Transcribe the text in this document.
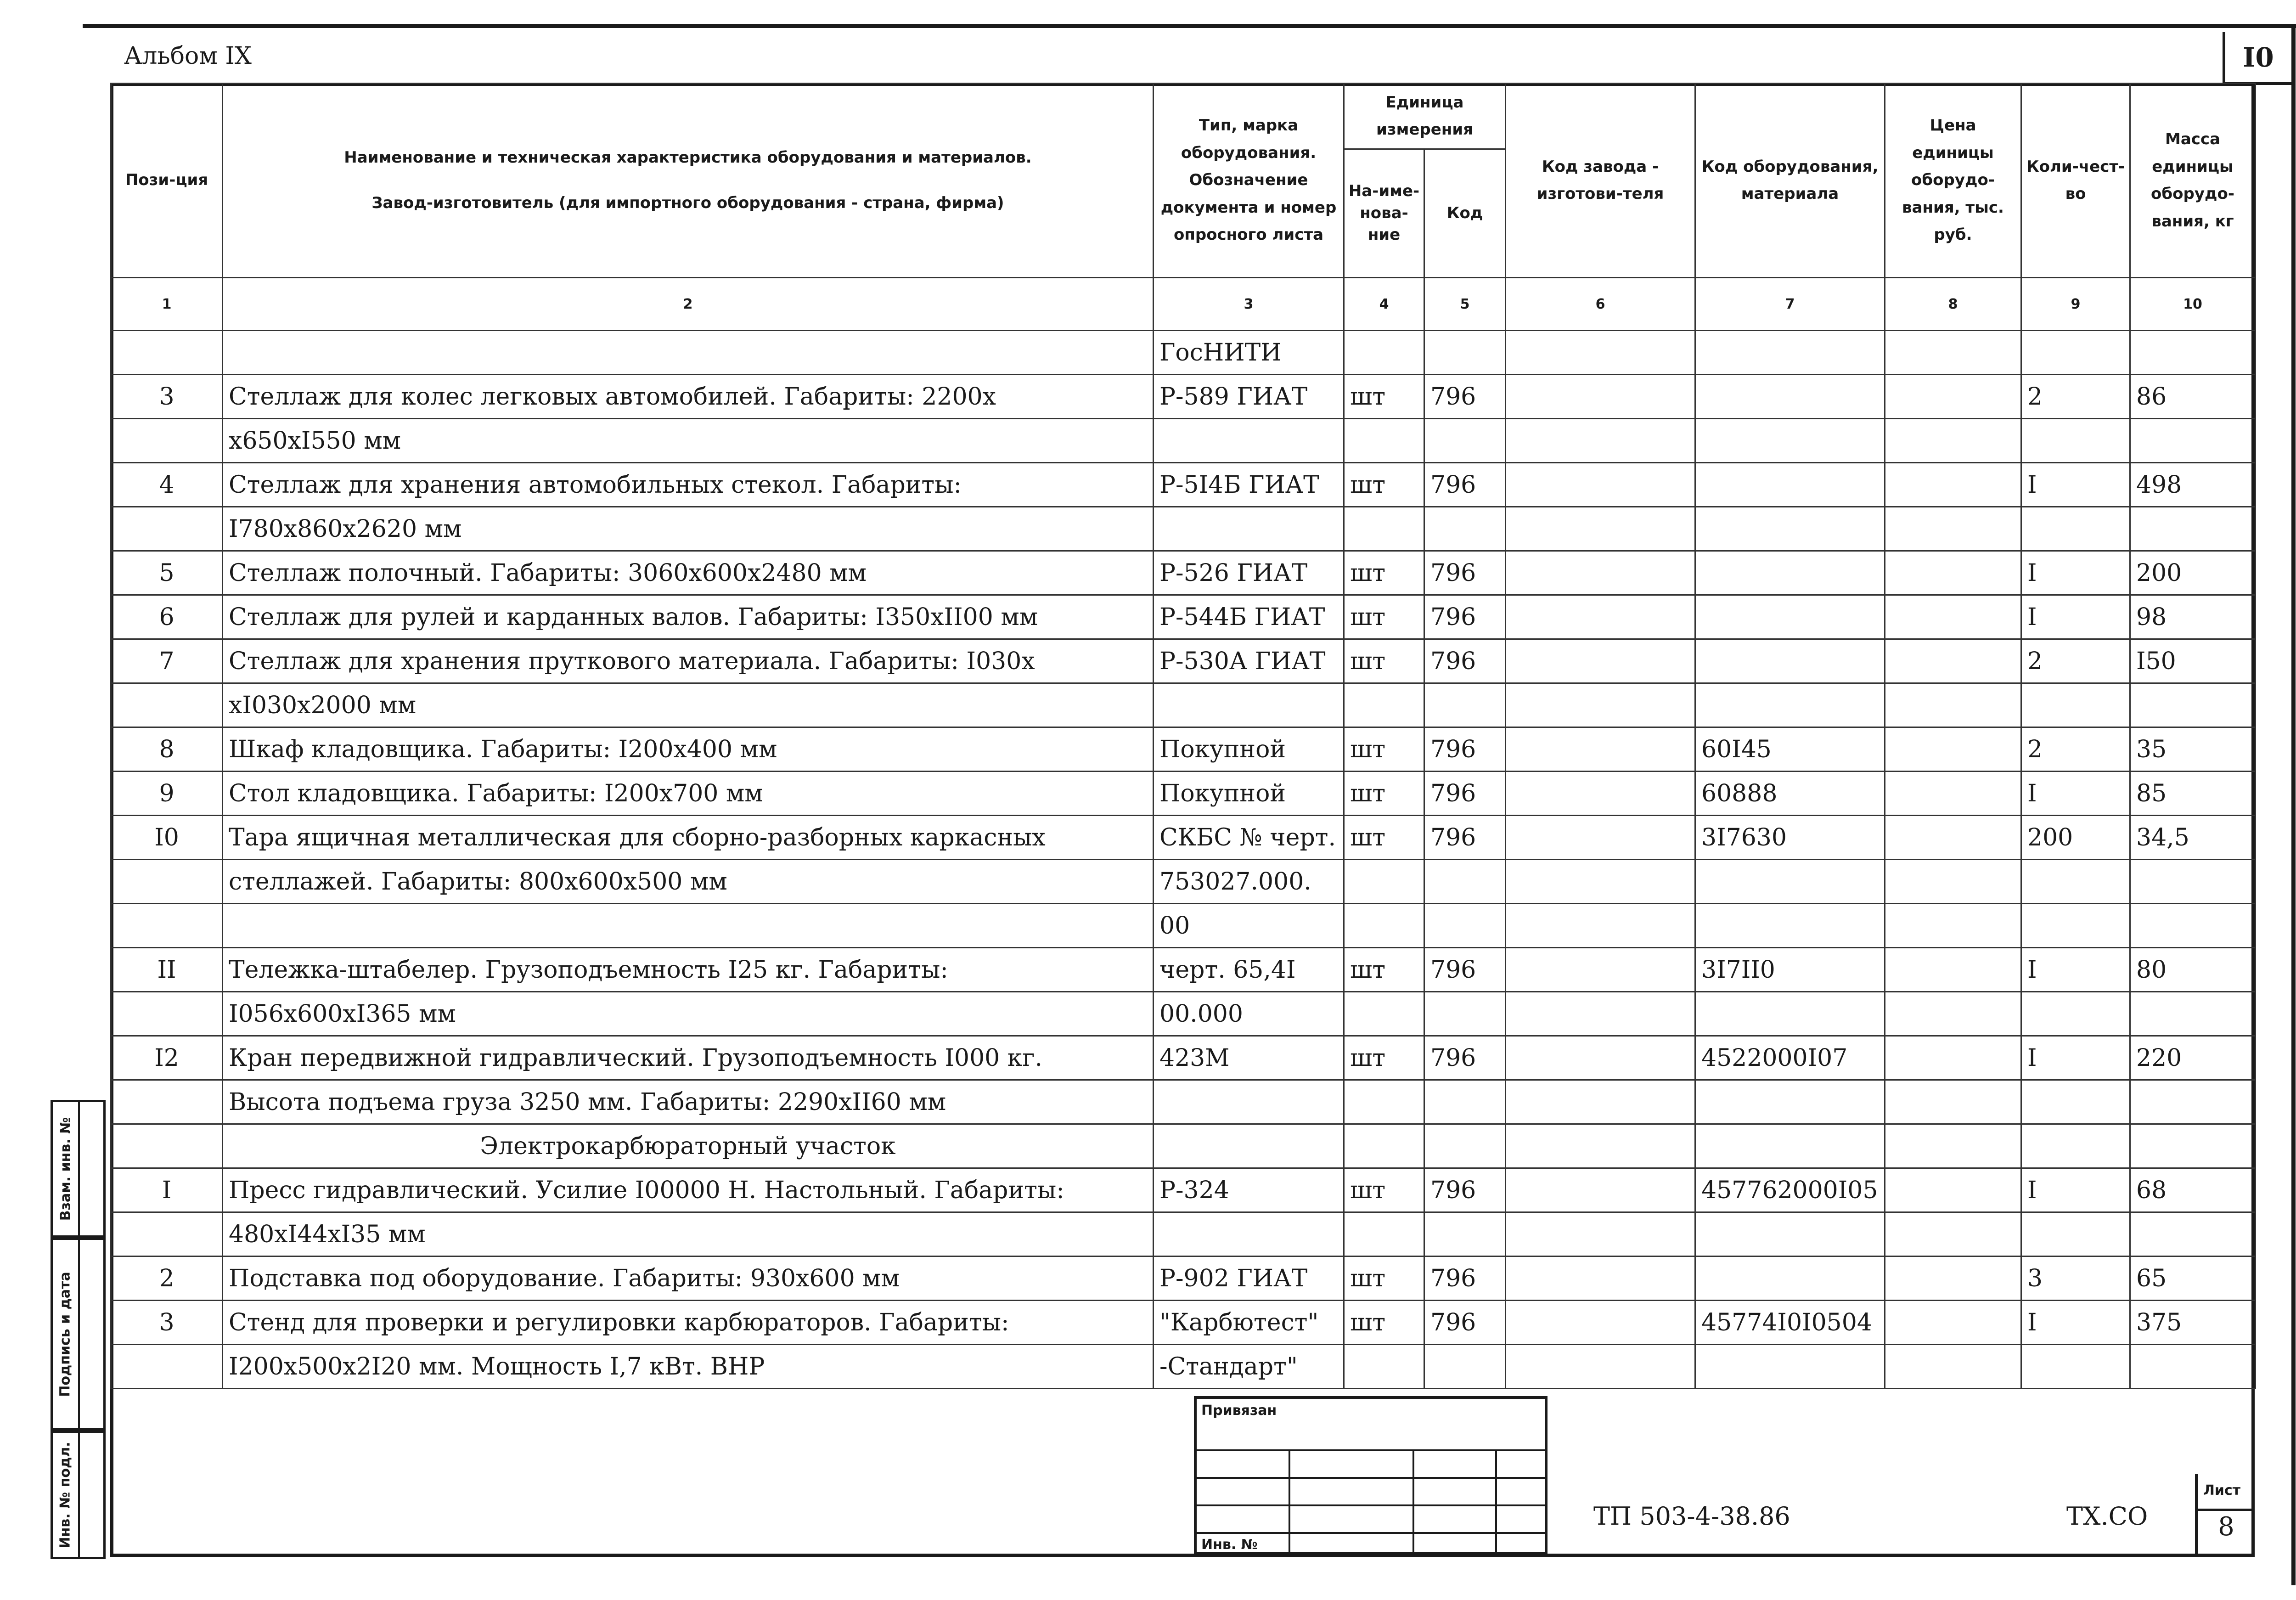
I0
Альбом IX
Пози-ция	Наименование и техническая характеристика оборудования и материалов.
Завод-изготовитель (для импортного оборудования - страна, фирма)	Тип, марка оборудования. Обозначение документа и номер опросного листа	Единица измерения		Код завода - изготови-теля	Код оборудования, материала	Цена единицы оборудо-вания, тыс. руб.	Коли-чест-во	Масса единицы оборудо-вания, кг
			На-име-нова-ние	Код					
1	2	3	4	5	6	7	8	9	10
		ГосНИТИ							
3	Стеллаж для колес легковых автомобилей. Габариты: 2200x	Р-589 ГИАТ	шт	796				2	86
	x650xI550 мм								
4	Стеллаж для хранения автомобильных стекол. Габариты:	Р-5I4Б ГИАТ	шт	796				I	498
	I780x860x2620 мм								
5	Стеллаж полочный. Габариты: 3060x600x2480 мм	Р-526 ГИАТ	шт	796				I	200
6	Стеллаж для рулей и карданных валов. Габариты: I350xII00 мм	Р-544Б ГИАТ	шт	796				I	98
7	Стеллаж для хранения пруткового материала. Габариты: I030x	Р-530А ГИАТ	шт	796				2	I50
	xI030x2000 мм								
8	Шкаф кладовщика. Габариты: I200x400 мм	Покупной	шт	796		60I45		2	35
9	Стол кладовщика. Габариты: I200x700 мм	Покупной	шт	796		60888		I	85
I0	Тара ящичная металлическая для сборно-разборных каркасных	СКБС № черт.	шт	796		3I7630		200	34,5
	стеллажей. Габариты: 800x600x500 мм	753027.000.							
		00							
II	Тележка-штабелер. Грузоподъемность I25 кг. Габариты:	черт. 65,4I	шт	796		3I7II0		I	80
	I056x600xI365 мм	00.000							
I2	Кран передвижной гидравлический. Грузоподъемность I000 кг.	423М	шт	796		4522000I07		I	220
	Высота подъема груза 3250 мм. Габариты: 2290xII60 мм								
	Электрокарбюраторный участок								
I	Пресс гидравлический. Усилие I00000 Н. Настольный. Габариты:	Р-324	шт	796		457762000I05		I	68
	480xI44xI35 мм								
2	Подставка под оборудование. Габариты: 930x600 мм	Р-902 ГИАТ	шт	796				3	65
3	Стенд для проверки и регулировки карбюраторов. Габариты:	"Карбютест"	шт	796		45774I0I0504		I	375
	I200x500x2I20 мм. Мощность I,7 кВт. ВНР	-Стандарт"							
Взам. инв. №
Подпись и дата
Инв. № подл.
Привязан
Инв. №
ТП 503-4-38.86	ТХ.СО
Лист
8
